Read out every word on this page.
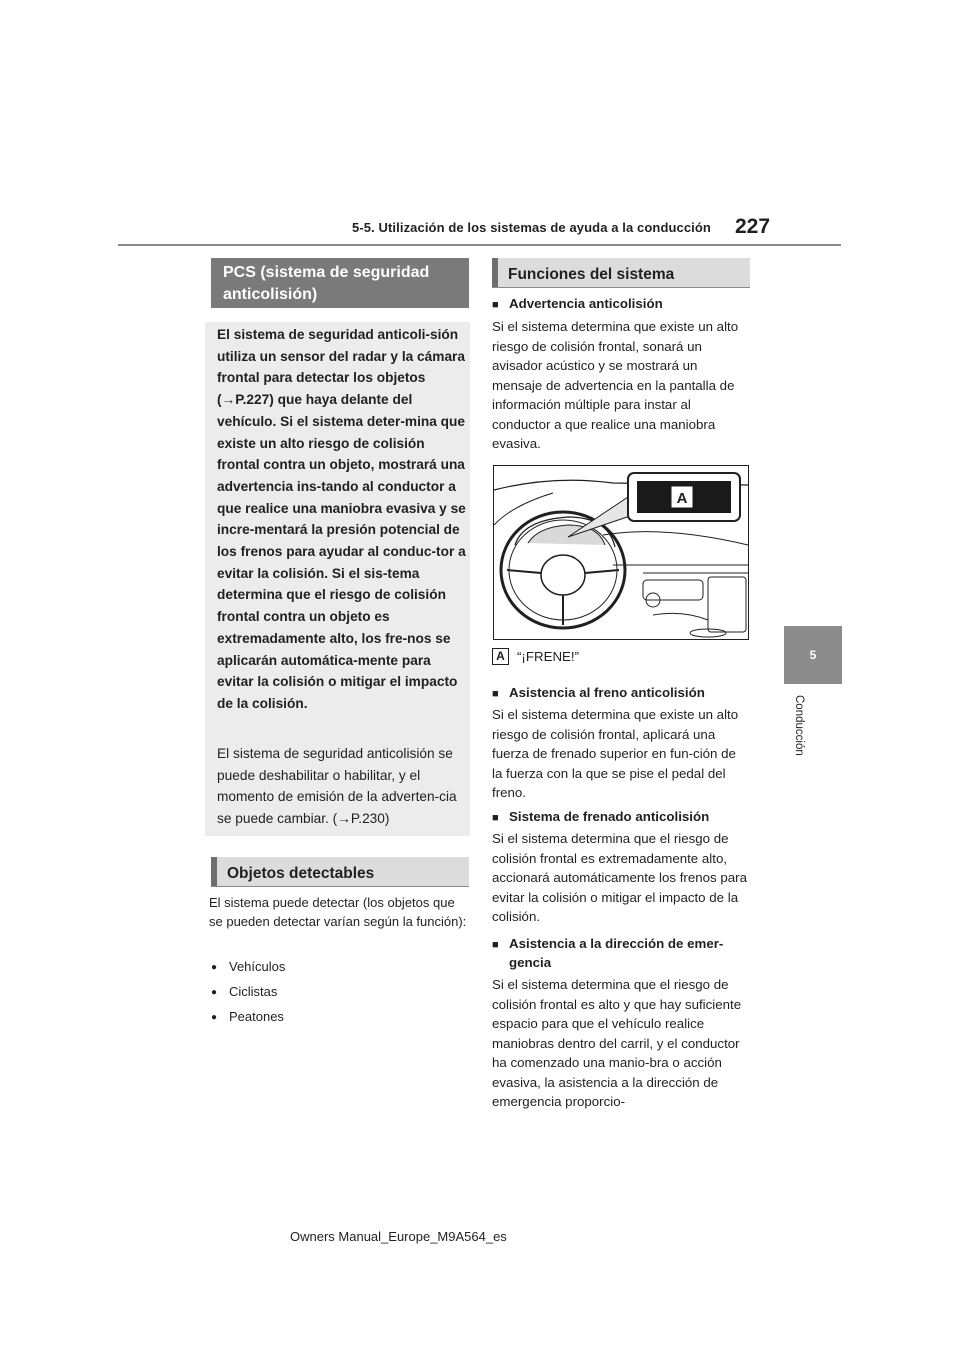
5-5. Utilización de los sistemas de ayuda a la conducción 227
5
Conducción
PCS (sistema de seguridad anticolisión)
El sistema de seguridad anticoli-sión utiliza un sensor del radar y la cámara frontal para detectar los objetos (→P.227) que haya delante del vehículo. Si el sistema deter-mina que existe un alto riesgo de colisión frontal contra un objeto, mostrará una advertencia ins-tando al conductor a que realice una maniobra evasiva y se incre-mentará la presión potencial de los frenos para ayudar al conduc-tor a evitar la colisión. Si el sis-tema determina que el riesgo de colisión frontal contra un objeto es extremadamente alto, los fre-nos se aplicarán automática-mente para evitar la colisión o mitigar el impacto de la colisión.
El sistema de seguridad anticolisión se puede deshabilitar o habilitar, y el momento de emisión de la adverten-cia se puede cambiar. (→P.230)
Objetos detectables
El sistema puede detectar (los objetos que se pueden detectar varían según la función):
● Vehículos
● Ciclistas
● Peatones
Funciones del sistema
■ Advertencia anticolisión
Si el sistema determina que existe un alto riesgo de colisión frontal, sonará un avisador acústico y se mostrará un mensaje de advertencia en la pantalla de información múltiple para instar al conductor a que realice una maniobra evasiva.
A
A “¡FRENE!”
■ Asistencia al freno anticolisión
Si el sistema determina que existe un alto riesgo de colisión frontal, aplicará una fuerza de frenado superior en fun-ción de la fuerza con la que se pise el pedal del freno.
■ Sistema de frenado anticolisión
Si el sistema determina que el riesgo de colisión frontal es extremadamente alto, accionará automáticamente los frenos para evitar la colisión o mitigar el impacto de la colisión.
■ Asistencia a la dirección de emer-
gencia
Si el sistema determina que el riesgo de colisión frontal es alto y que hay suficiente espacio para que el vehículo realice maniobras dentro del carril, y el conductor ha comenzado una manio-bra o acción evasiva, la asistencia a la dirección de emergencia proporcio-
Owners Manual_Europe_M9A564_es
